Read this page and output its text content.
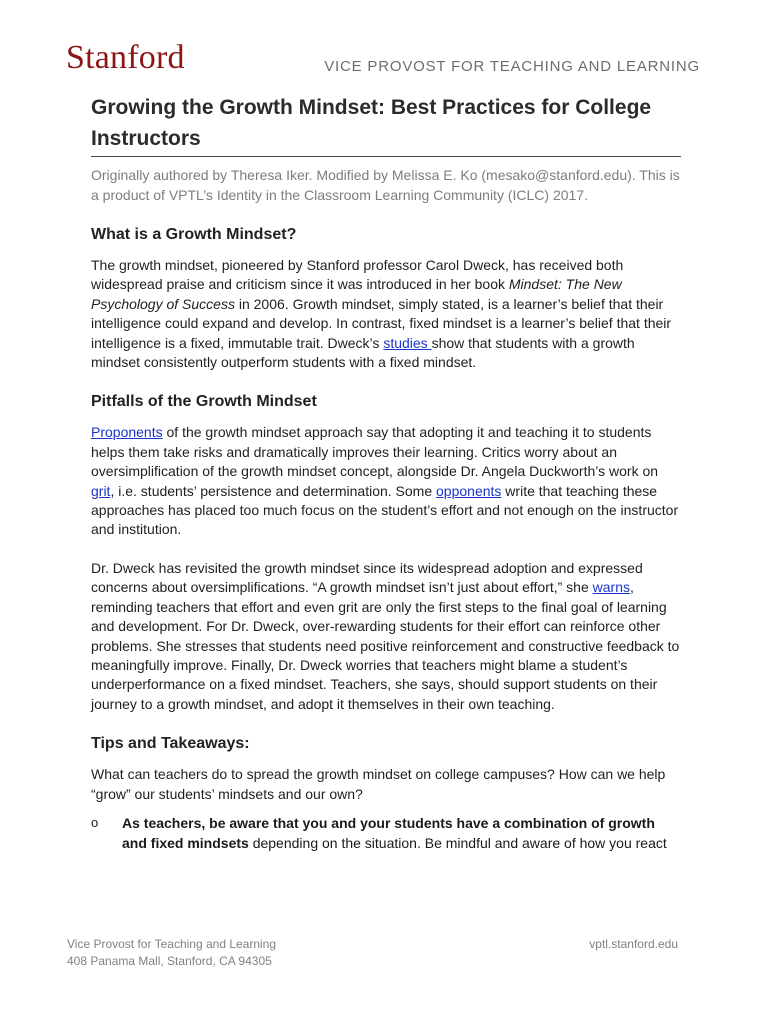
Stanford	VICE PROVOST FOR TEACHING AND LEARNING
Growing the Growth Mindset: Best Practices for College Instructors
Originally authored by Theresa Iker. Modified by Melissa E. Ko (mesako@stanford.edu). This is a product of VPTL’s Identity in the Classroom Learning Community (ICLC) 2017.
What is a Growth Mindset?

The growth mindset, pioneered by Stanford professor Carol Dweck, has received both widespread praise and criticism since it was introduced in her book Mindset: The New Psychology of Success in 2006. Growth mindset, simply stated, is a learner’s belief that their intelligence could expand and develop. In contrast, fixed mindset is a learner’s belief that their intelligence is a fixed, immutable trait. Dweck’s studies show that students with a growth mindset consistently outperform students with a fixed mindset.

Pitfalls of the Growth Mindset

Proponents of the growth mindset approach say that adopting it and teaching it to students helps them take risks and dramatically improves their learning. Critics worry about an oversimplification of the growth mindset concept, alongside Dr. Angela Duckworth’s work on grit, i.e. students’ persistence and determination. Some opponents write that teaching these approaches has placed too much focus on the student’s effort and not enough on the instructor and institution.

Dr. Dweck has revisited the growth mindset since its widespread adoption and expressed concerns about oversimplifications. “A growth mindset isn’t just about effort,” she warns, reminding teachers that effort and even grit are only the first steps to the final goal of learning and development. For Dr. Dweck, over-rewarding students for their effort can reinforce other problems. She stresses that students need positive reinforcement and constructive feedback to meaningfully improve. Finally, Dr. Dweck worries that teachers might blame a student’s underperformance on a fixed mindset. Teachers, she says, should support students on their journey to a growth mindset, and adopt it themselves in their own teaching.

Tips and Takeaways:

What can teachers do to spread the growth mindset on college campuses? How can we help “grow” our students’ mindsets and our own?

o As teachers, be aware that you and your students have a combination of growth and fixed mindsets depending on the situation. Be mindful and aware of how you react
Vice Provost for Teaching and Learning
408 Panama Mall, Stanford, CA 94305
vptl.stanford.edu
